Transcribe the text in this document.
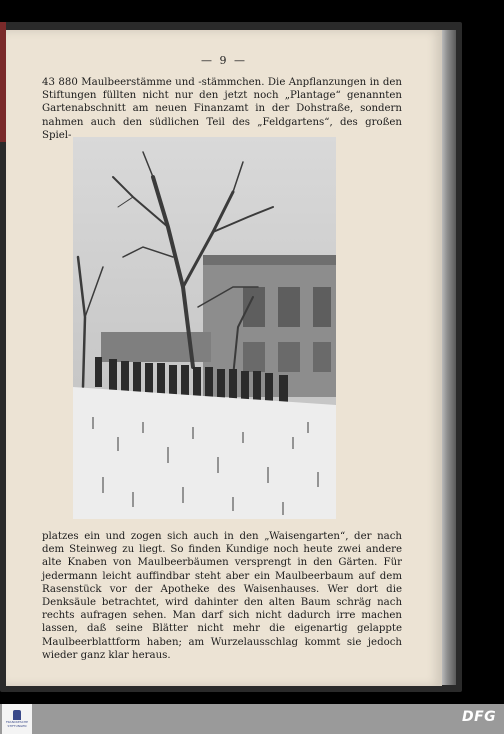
— 9 —

43 880 Maulbeerstämme und -stämmchen. Die Anpflanzungen in den Stiftungen füllten nicht nur den jetzt noch „Plantage“ genannten Gartenabschnitt am neuen Finanzamt in der Dohstraße, sondern nahmen auch den südlichen Teil des „Feldgartens“, des großen Spiel-

platzes ein und zogen sich auch in den „Waisengarten“, der nach dem Steinweg zu liegt. So finden Kundige noch heute zwei andere alte Knaben von Maulbeerbäumen versprengt in den Gärten. Für jedermann leicht auffindbar steht aber ein Maulbeerbaum auf dem Rasenstück vor der Apotheke des Waisenhauses. Wer dort die Denksäule betrachtet, wird dahinter den alten Baum schräg nach rechts aufragen sehen. Man darf sich nicht dadurch irre machen lassen, daß seine Blätter nicht mehr die eigenartig gelappte Maulbeerblattform haben; am Wurzelausschlag kommt sie jedoch wieder ganz klar heraus.

FRANCKESCHE STIFTUNGEN
DFG
